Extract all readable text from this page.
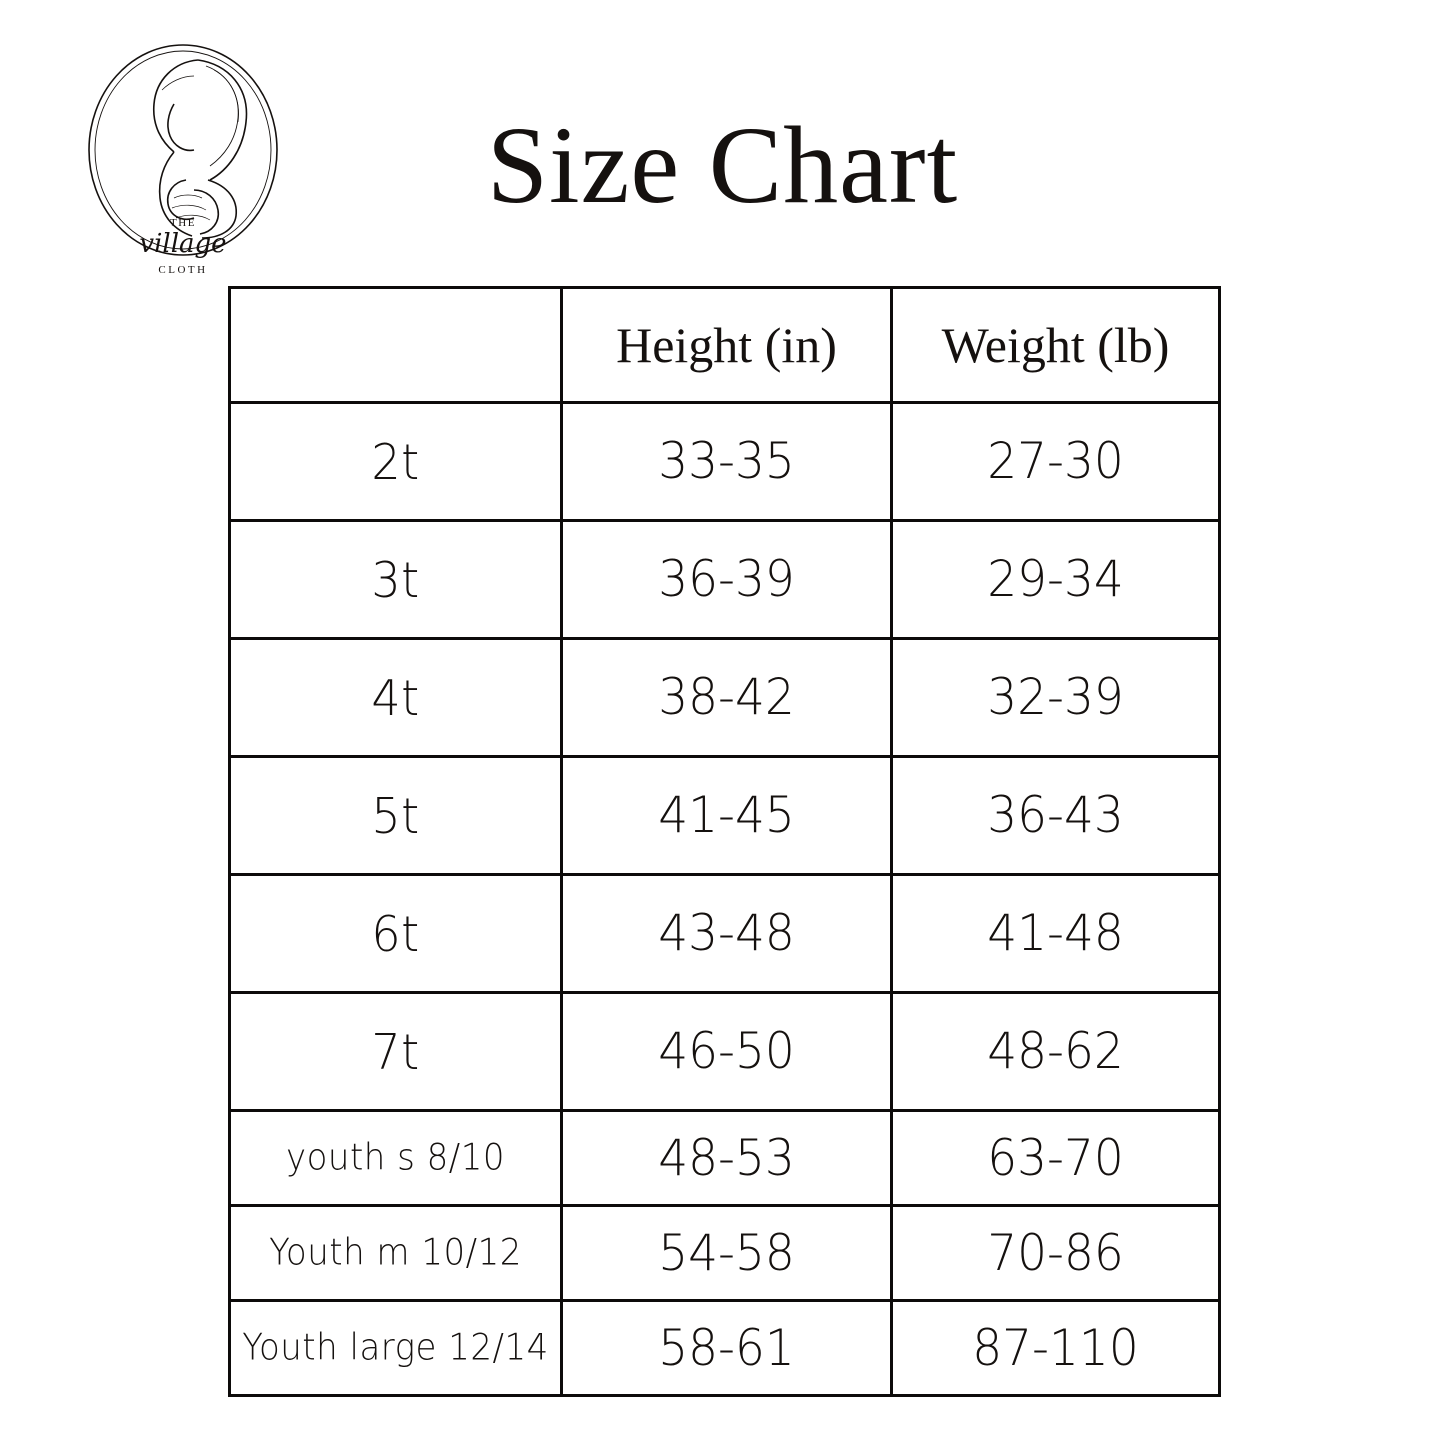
THE
village
CLOTH
Size Chart
	Height (in)	Weight (lb)
2t	33-35	27-30
3t	36-39	29-34
4t	38-42	32-39
5t	41-45	36-43
6t	43-48	41-48
7t	46-50	48-62
youth s 8/10	48-53	63-70
Youth m 10/12	54-58	70-86
Youth large 12/14	58-61	87-110
